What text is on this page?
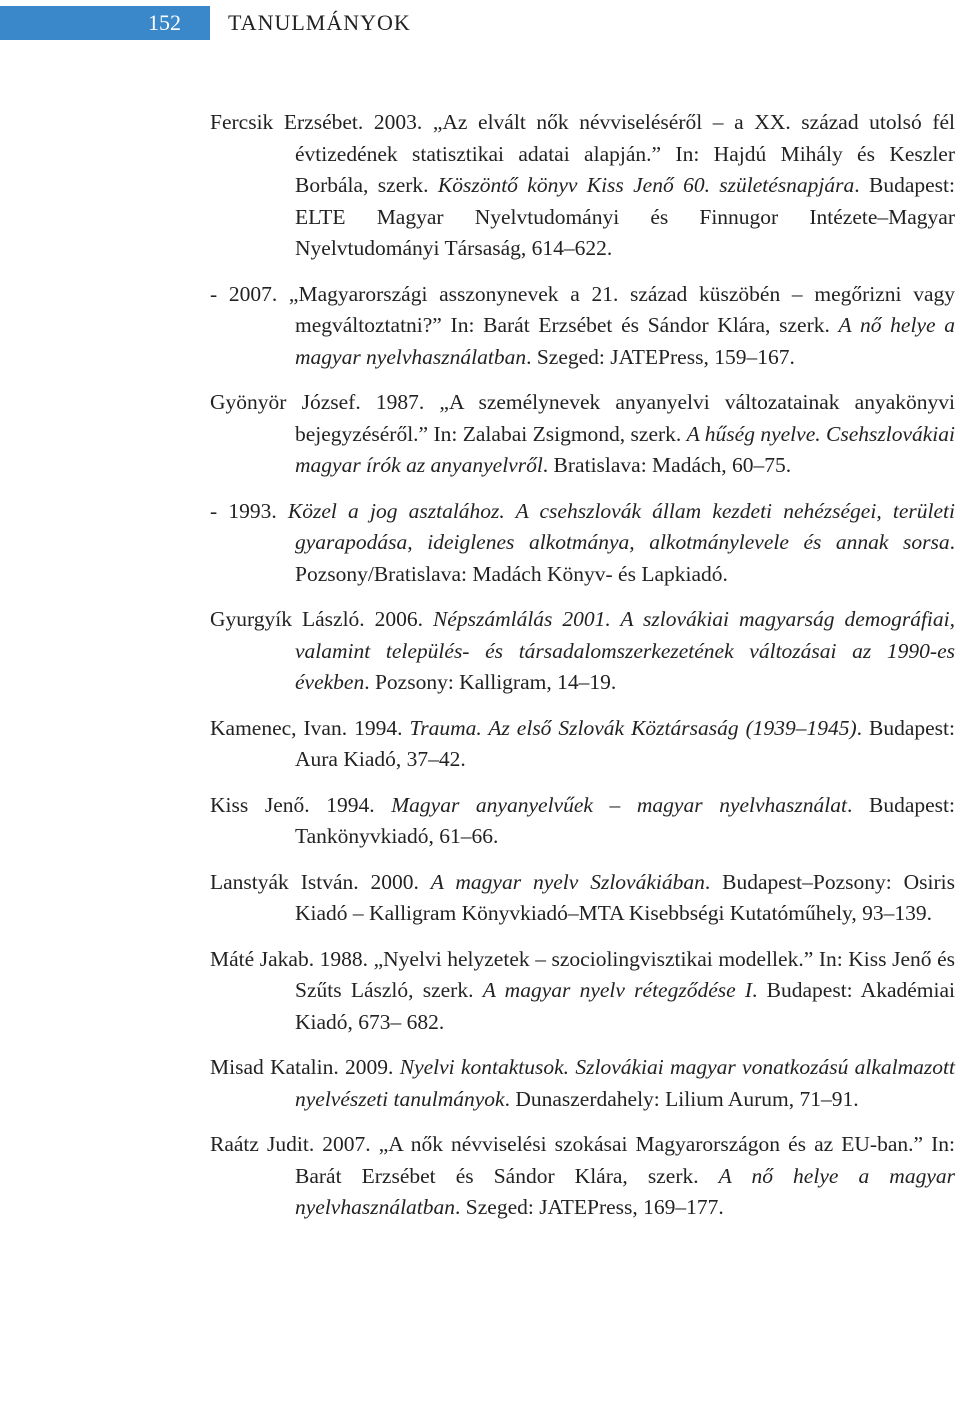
152 TANULMÁNYOK

Fercsik Erzsébet. 2003. „Az elvált nők névviseléséről – a XX. század utolsó fél évtizedének statisztikai adatai alapján.” In: Hajdú Mihály és Keszler Borbála, szerk. Köszöntő könyv Kiss Jenő 60. születésnapjára. Budapest: ELTE Magyar Nyelvtudományi és Finnugor Intézete–Magyar Nyelvtudományi Társaság, 614–622.

- 2007. „Magyarországi asszonynevek a 21. század küszöbén – megőrizni vagy megváltoztatni?” In: Barát Erzsébet és Sándor Klára, szerk. A nő helye a magyar nyelvhasználatban. Szeged: JATEPress, 159–167.

Gyönyör József. 1987. „A személynevek anyanyelvi változatainak anyakönyvi bejegyzéséről.” In: Zalabai Zsigmond, szerk. A hűség nyelve. Csehszlovákiai magyar írók az anyanyelvről. Bratislava: Madách, 60–75.

- 1993. Közel a jog asztalához. A csehszlovák állam kezdeti nehézségei, területi gyarapodása, ideiglenes alkotmánya, alkotmánylevele és annak sorsa. Pozsony/Bratislava: Madách Könyv- és Lapkiadó.

Gyurgyík László. 2006. Népszámlálás 2001. A szlovákiai magyarság demográfiai, valamint település- és társadalomszerkezetének változásai az 1990-es években. Pozsony: Kalligram, 14–19.

Kamenec, Ivan. 1994. Trauma. Az első Szlovák Köztársaság (1939–1945). Budapest: Aura Kiadó, 37–42.

Kiss Jenő. 1994. Magyar anyanyelvűek – magyar nyelvhasználat. Budapest: Tankönyvkiadó, 61–66.

Lanstyák István. 2000. A magyar nyelv Szlovákiában. Budapest–Pozsony: Osiris Kiadó – Kalligram Könyvkiadó–MTA Kisebbségi Kutatóműhely, 93–139.

Máté Jakab. 1988. „Nyelvi helyzetek – szociolingvisztikai modellek.” In: Kiss Jenő és Szűts László, szerk. A magyar nyelv rétegződése I. Budapest: Akadémiai Kiadó, 673– 682.

Misad Katalin. 2009. Nyelvi kontaktusok. Szlovákiai magyar vonatkozású alkalmazott nyelvészeti tanulmányok. Dunaszerdahely: Lilium Aurum, 71–91.

Raátz Judit. 2007. „A nők névviselési szokásai Magyarországon és az EU-ban.” In: Barát Erzsébet és Sándor Klára, szerk. A nő helye a magyar nyelvhasználatban. Szeged: JATEPress, 169–177.
